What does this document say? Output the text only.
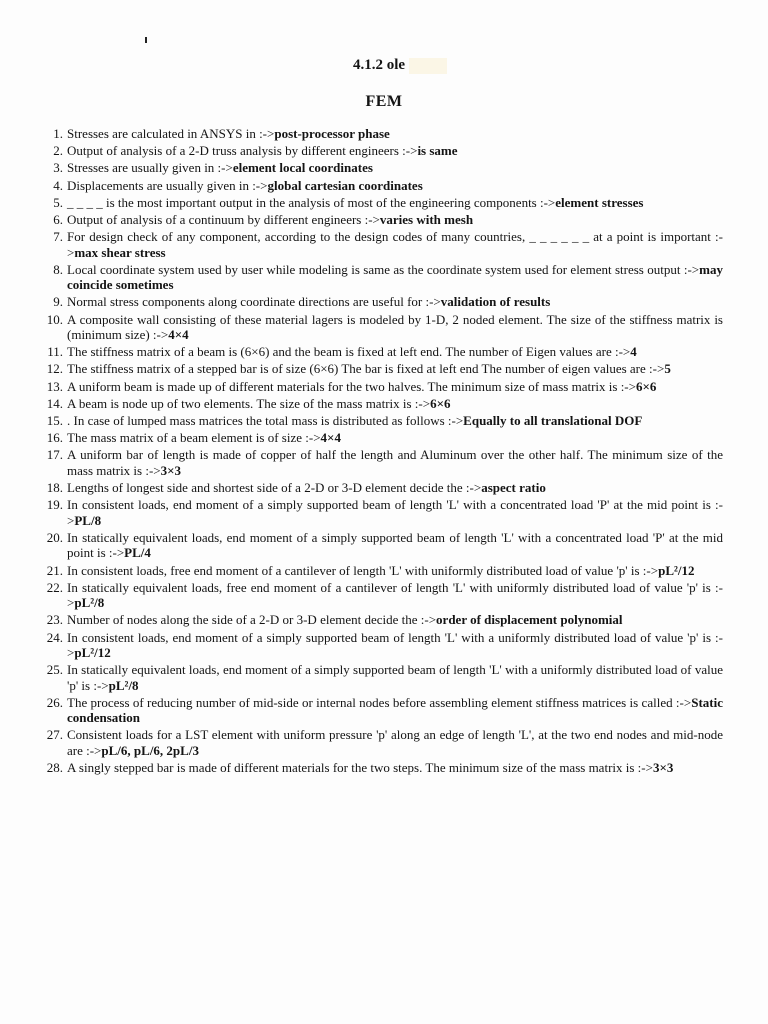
4.1.2 ole
FEM
1. Stresses are calculated in ANSYS in :->post-processor phase
2. Output of analysis of a 2-D truss analysis by different engineers :->is same
3. Stresses are usually given in :->element local coordinates
4. Displacements are usually given in :->global cartesian coordinates
5. _ _ _ _ is the most important output in the analysis of most of the engineering components :->element stresses
6. Output of analysis of a continuum by different engineers :->varies with mesh
7. For design check of any component, according to the design codes of many countries, _ _ _ _ _ _ at a point is important :->max shear stress
8. Local coordinate system used by user while modeling is same as the coordinate system used for element stress output :->may coincide sometimes
9. Normal stress components along coordinate directions are useful for :->validation of results
10. A composite wall consisting of these material lagers is modeled by 1-D, 2 noded element. The size of the stiffness matrix is (minimum size) :->4×4
11. The stiffness matrix of a beam is (6×6) and the beam is fixed at left end. The number of Eigen values are :->4
12. The stiffness matrix of a stepped bar is of size (6×6) The bar is fixed at left end The number of eigen values are :->5
13. A uniform beam is made up of different materials for the two halves. The minimum size of mass matrix is :->6×6
14. A beam is node up of two elements. The size of the mass matrix is :->6×6
15. . In case of lumped mass matrices the total mass is distributed as follows :->Equally to all translational DOF
16. The mass matrix of a beam element is of size :->4×4
17. A uniform bar of length is made of copper of half the length and Aluminum over the other half. The minimum size of the mass matrix is :->3×3
18. Lengths of longest side and shortest side of a 2-D or 3-D element decide the :->aspect ratio
19. In consistent loads, end moment of a simply supported beam of length 'L' with a concentrated load 'P' at the mid point is :->PL/8
20. In statically equivalent loads, end moment of a simply supported beam of length 'L' with a concentrated load 'P' at the mid point is :->PL/4
21. In consistent loads, free end moment of a cantilever of length 'L' with uniformly distributed load of value 'p' is :->pL²/12
22. In statically equivalent loads, free end moment of a cantilever of length 'L' with uniformly distributed load of value 'p' is :->pL²/8
23. Number of nodes along the side of a 2-D or 3-D element decide the :->order of displacement polynomial
24. In consistent loads, end moment of a simply supported beam of length 'L' with a uniformly distributed load of value 'p' is :->pL²/12
25. In statically equivalent loads, end moment of a simply supported beam of length 'L' with a uniformly distributed load of value 'p' is :->pL²/8
26. The process of reducing number of mid-side or internal nodes before assembling element stiffness matrices is called :->Static condensation
27. Consistent loads for a LST element with uniform pressure 'p' along an edge of length 'L', at the two end nodes and mid-node are :->pL/6, pL/6, 2pL/3
28. A singly stepped bar is made of different materials for the two steps. The minimum size of the mass matrix is :->3×3
